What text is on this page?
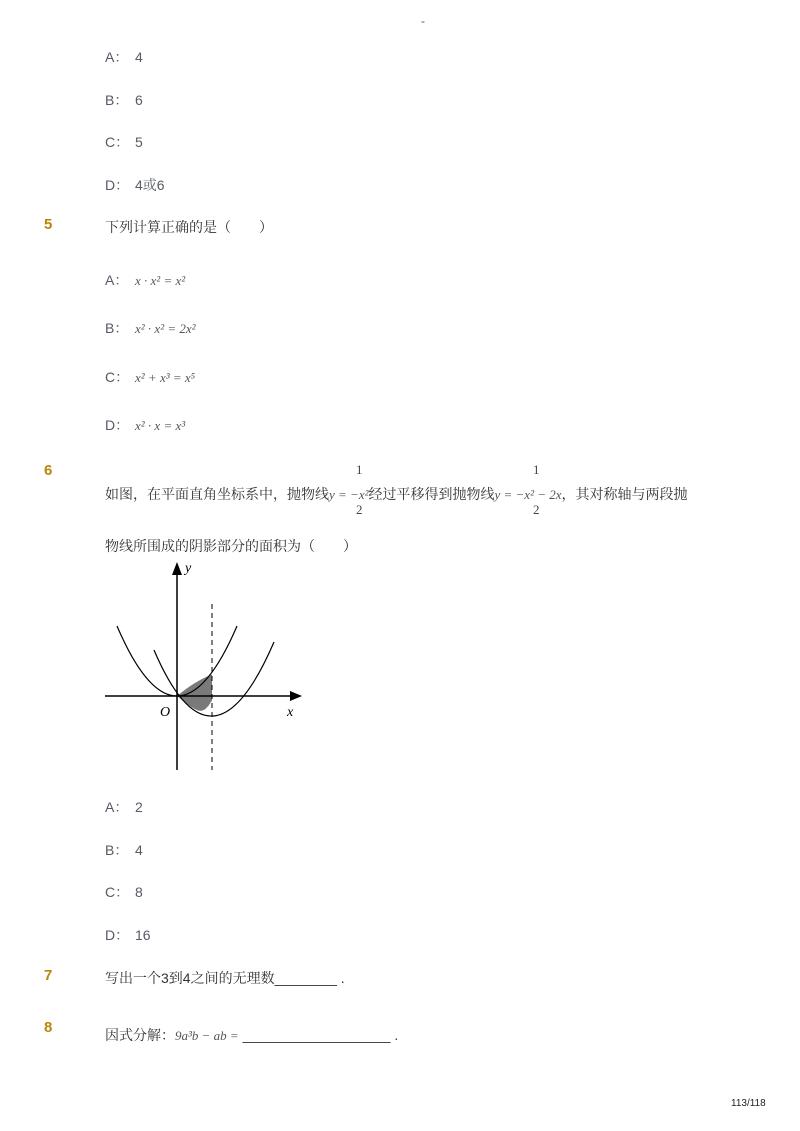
-
A： 4
B： 6
C： 5
D： 4或6
5	下列计算正确的是（　　）
A： x · x² = x²
B： x² · x² = 2x²
C： x² + x³ = x⁵
D： x² · x = x³
6	1
2
1
2
如图，在平面直角坐标系中，抛物线y = −x²经过平移得到抛物线y = −x² − 2x，其对称轴与两段抛
物线所围成的阴影部分的面积为（　　）
y
x
O
A： 2
B： 4
C： 8
D： 16
7	写出一个3到4之间的无理数________ .
8	因式分解：9a³b − ab = ___________________ .
113/118
